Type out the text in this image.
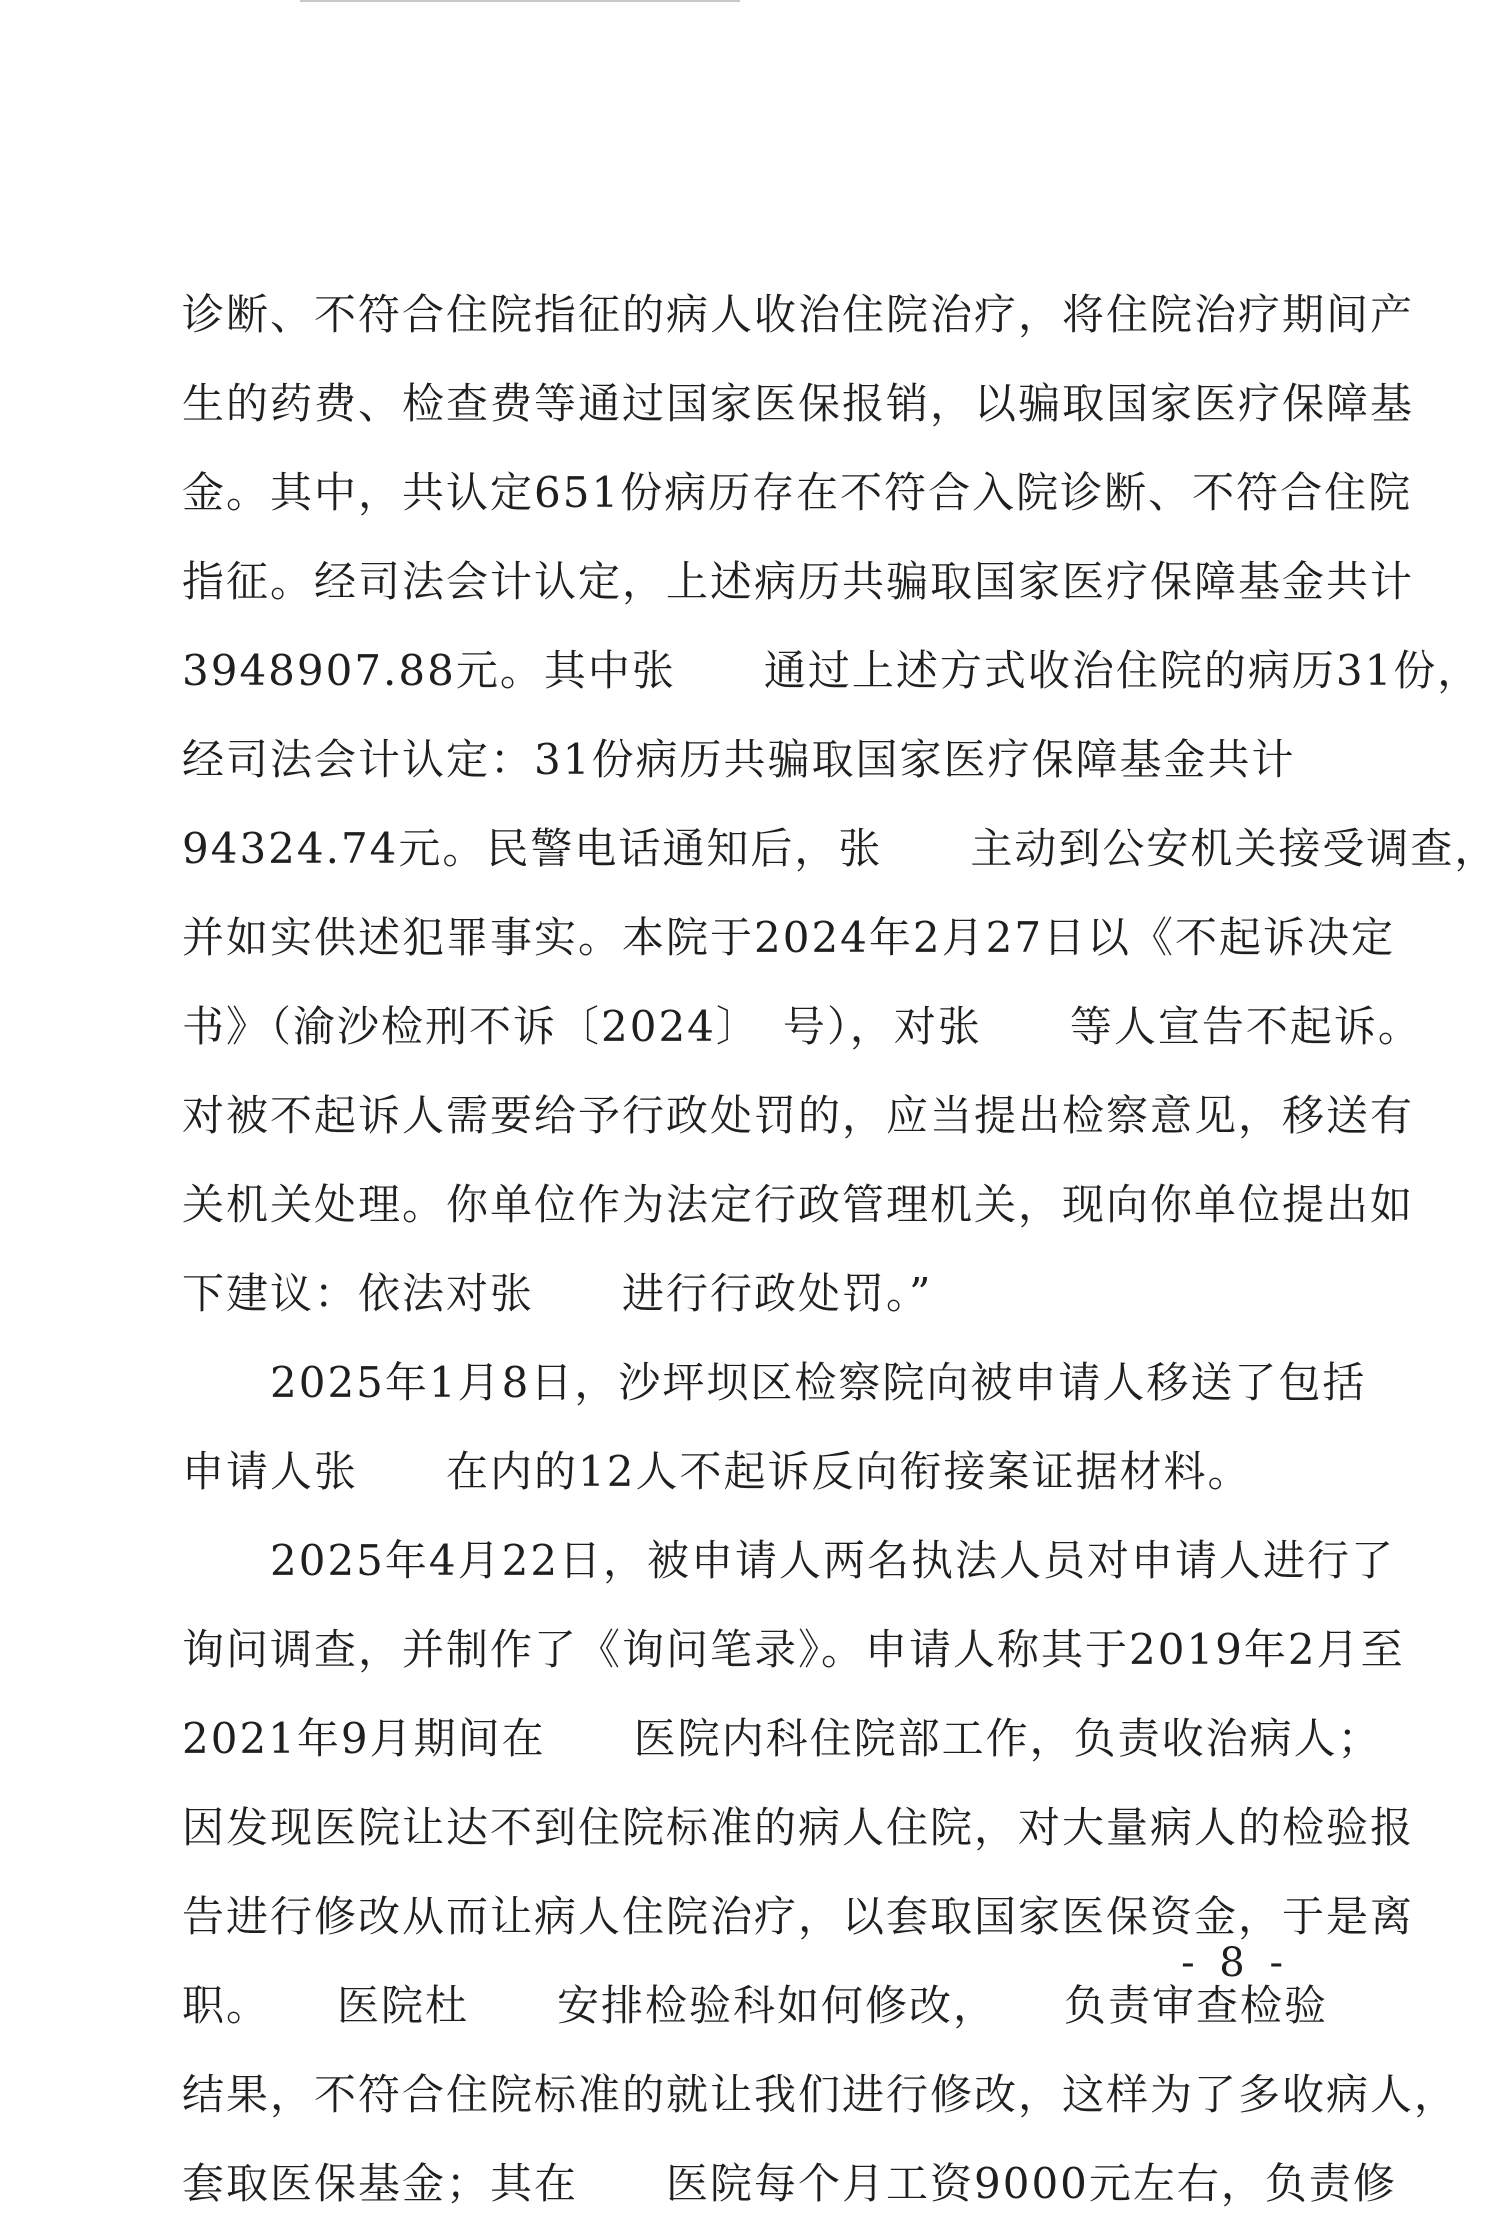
诊断、不符合住院指征的病人收治住院治疗，将住院治疗期间产
生的药费、检查费等通过国家医保报销，以骗取国家医疗保障基
金。其中，共认定651份病历存在不符合入院诊断、不符合住院
指征。经司法会计认定，上述病历共骗取国家医疗保障基金共计
3948907.88元。其中张　　通过上述方式收治住院的病历31份，
经司法会计认定：31份病历共骗取国家医疗保障基金共计
94324.74元。民警电话通知后，张　　主动到公安机关接受调查，
并如实供述犯罪事实。本院于2024年2月27日以《不起诉决定
书》（渝沙检刑不诉〔2024〕　号），对张　　等人宣告不起诉。
对被不起诉人需要给予行政处罚的，应当提出检察意见，移送有
关机关处理。你单位作为法定行政管理机关，现向你单位提出如
下建议：依法对张　　进行行政处罚。”
2025年1月8日，沙坪坝区检察院向被申请人移送了包括
申请人张　　在内的12人不起诉反向衔接案证据材料。
2025年4月22日，被申请人两名执法人员对申请人进行了
询问调查，并制作了《询问笔录》。申请人称其于2019年2月至
2021年9月期间在　　医院内科住院部工作，负责收治病人；
因发现医院让达不到住院标准的病人住院，对大量病人的检验报
告进行修改从而让病人住院治疗，以套取国家医保资金，于是离
职。　　医院杜　　安排检验科如何修改，　　负责审查检验
结果，不符合住院标准的就让我们进行修改，这样为了多收病人，
套取医保基金；其在　　医院每个月工资9000元左右，负责修
- 8 -
